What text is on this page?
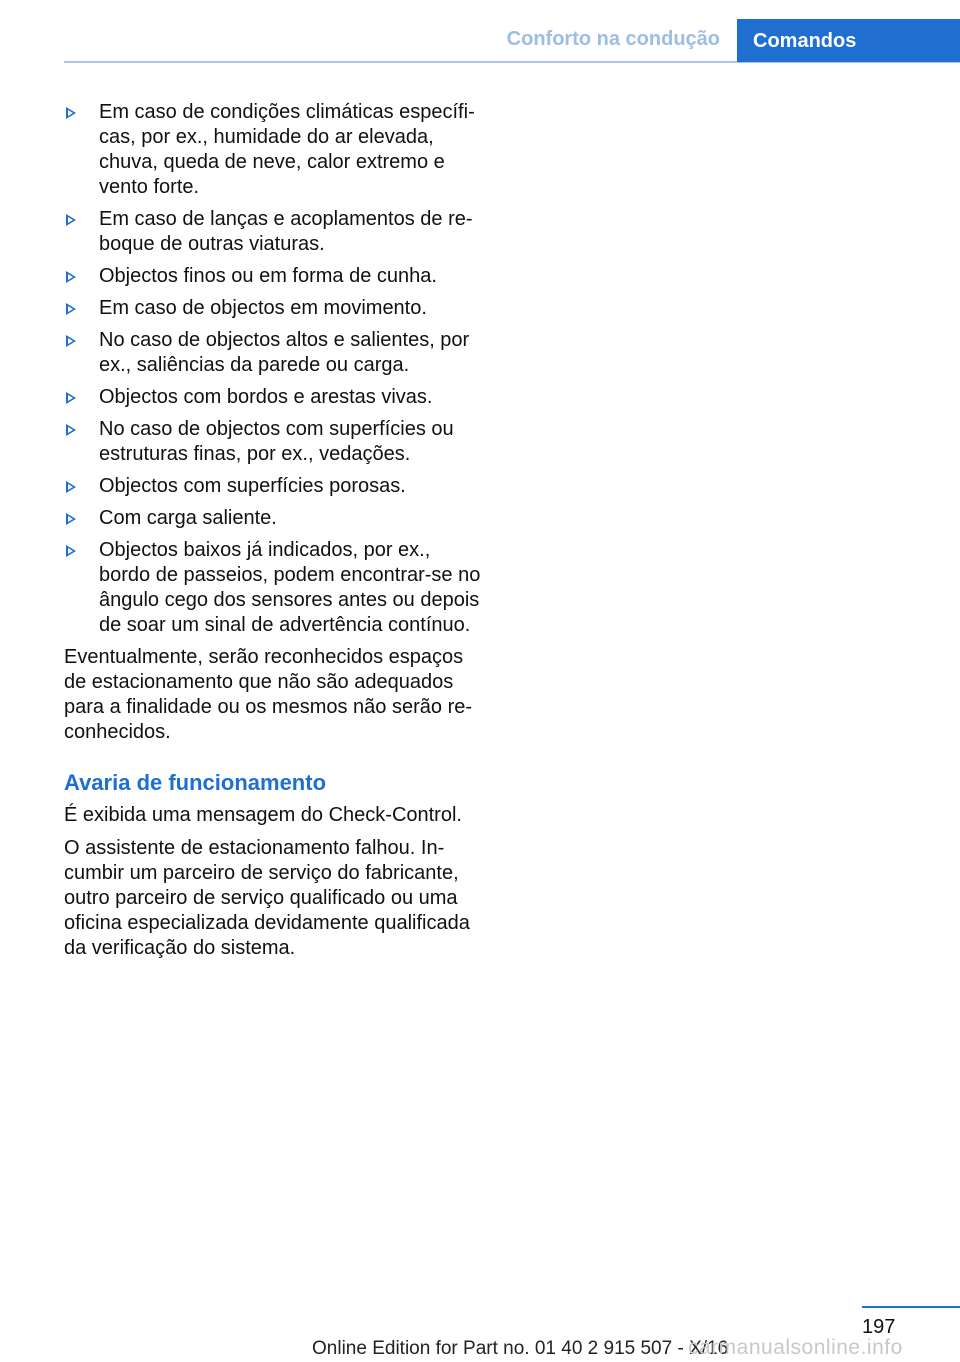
Conforto na condução	Comandos
Em caso de condições climáticas específicas, por ex., humidade do ar elevada, chuva, queda de neve, calor extremo e vento forte.
Em caso de lanças e acoplamentos de reboque de outras viaturas.
Objectos finos ou em forma de cunha.
Em caso de objectos em movimento.
No caso de objectos altos e salientes, por ex., saliências da parede ou carga.
Objectos com bordos e arestas vivas.
No caso de objectos com superfícies ou estruturas finas, por ex., vedações.
Objectos com superfícies porosas.
Com carga saliente.
Objectos baixos já indicados, por ex., bordo de passeios, podem encontrar-se no ângulo cego dos sensores antes ou depois de soar um sinal de advertência contínuo.

Eventualmente, serão reconhecidos espaços de estacionamento que não são adequados para a finalidade ou os mesmos não serão reconhecidos.

Avaria de funcionamento

É exibida uma mensagem do Check-Control.

O assistente de estacionamento falhou. Incumbir um parceiro de serviço do fabricante, outro parceiro de serviço qualificado ou uma oficina especializada devidamente qualificada da verificação do sistema.

197
Online Edition for Part no. 01 40 2 915 507 - X/16
carmanualsonline.info
